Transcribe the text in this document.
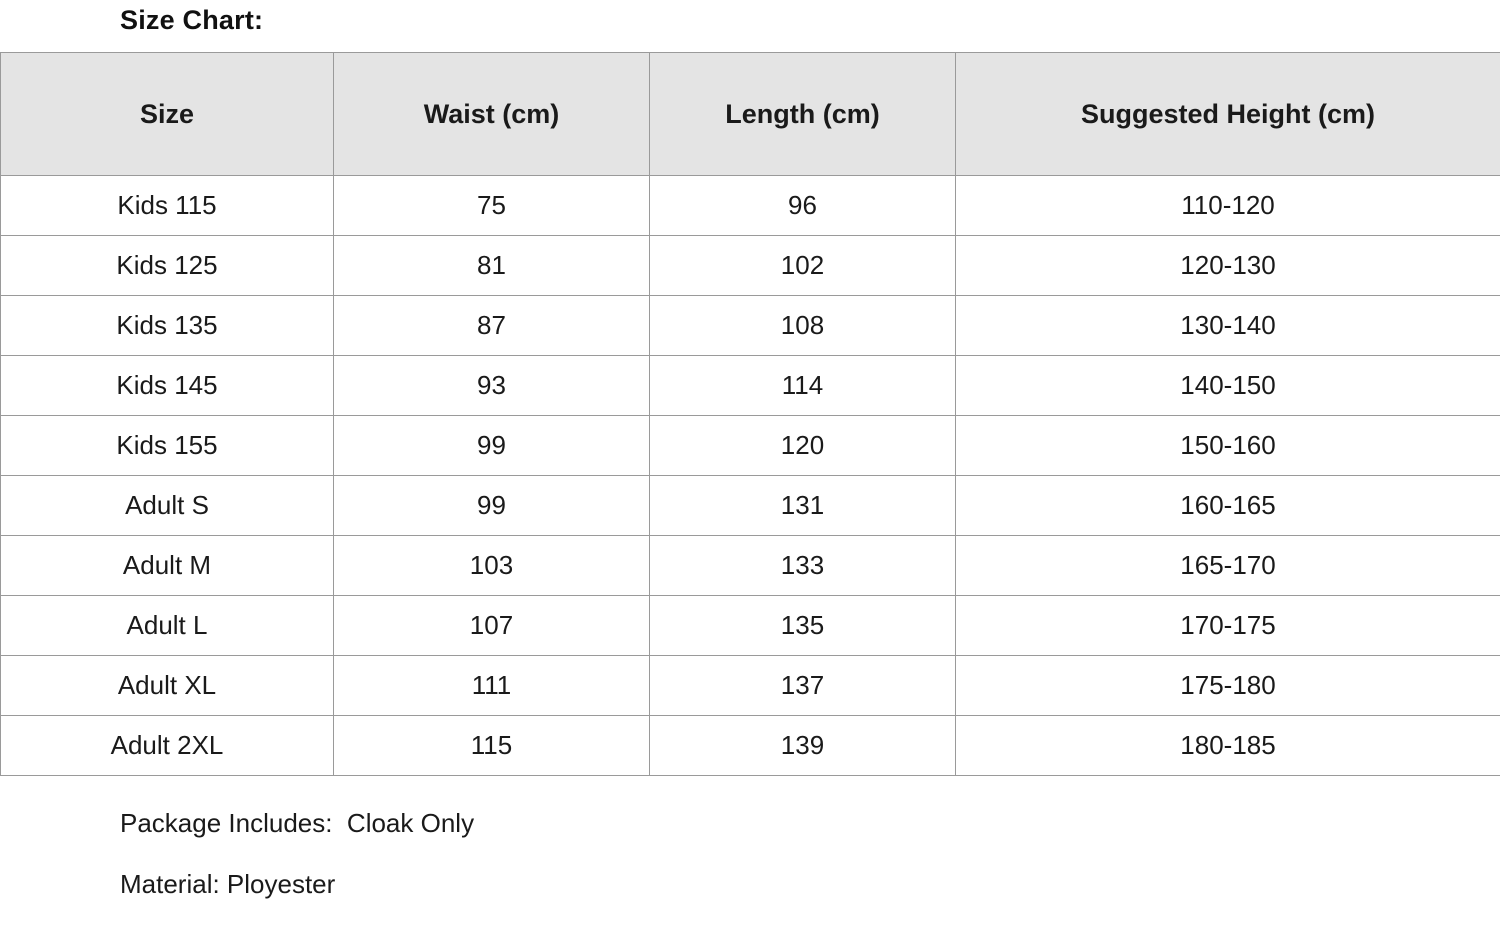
Size Chart:
Size	Waist (cm)	Length (cm)	Suggested Height (cm)
Kids 115	75	96	110-120
Kids 125	81	102	120-130
Kids 135	87	108	130-140
Kids 145	93	114	140-150
Kids 155	99	120	150-160
Adult S	99	131	160-165
Adult M	103	133	165-170
Adult L	107	135	170-175
Adult XL	111	137	175-180
Adult 2XL	115	139	180-185
Package Includes:  Cloak Only
Material: Ployester
